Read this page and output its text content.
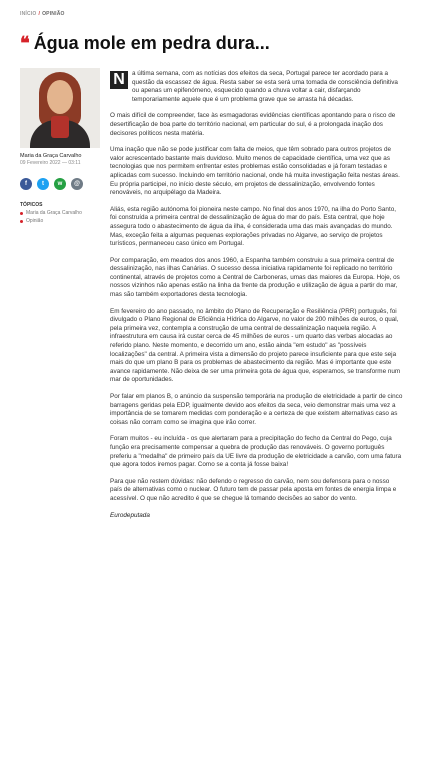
INÍCIO / OPINIÃO
❝ Água mole em pedra dura...
Maria da Graça Carvalho
09 Fevereiro 2022 — 03:11
f	t	w	@
TÓPICOS
Maria da Graça Carvalho
Opinião
N	a última semana, com as notícias dos efeitos da seca, Portugal parece ter acordado para a questão da escassez de água. Resta saber se esta será uma tomada de consciência definitiva ou apenas um epifenómeno, esquecido quando a chuva voltar a cair, disfarçando temporariamente aquele que é um problema grave que se arrasta há décadas.

O mais difícil de compreender, face às esmagadoras evidências científicas apontando para o risco de desertificação de boa parte do território nacional, em particular do sul, é a prolongada inação dos decisores políticos nesta matéria.

Uma inação que não se pode justificar com falta de meios, que têm sobrado para outros projetos de valor acrescentado bastante mais duvidoso. Muito menos de capacidade científica, uma vez que as tecnologias que nos permitem enfrentar estes problemas estão consolidadas e já foram testadas e aplicadas com sucesso. Incluindo em território nacional, onde há muita investigação feita nestas áreas. Eu própria participei, no início deste século, em projetos de dessalinização, envolvendo fontes renováveis, no arquipélago da Madeira.

Aliás, esta região autónoma foi pioneira neste campo. No final dos anos 1970, na ilha do Porto Santo, foi construída a primeira central de dessalinização de água do mar do país. Esta central, que hoje assegura todo o abastecimento de água da ilha, é considerada uma das mais avançadas do mundo. Mas, exceção feita a algumas pequenas explorações privadas no Algarve, ao serviço de projetos turísticos, permaneceu caso único em Portugal.

Por comparação, em meados dos anos 1960, a Espanha também construiu a sua primeira central de dessalinização, nas ilhas Canárias. O sucesso dessa iniciativa rapidamente foi replicado no território continental, através de projetos como a Central de Carboneras, umas das maiores da Europa. Hoje, os nossos vizinhos não apenas estão na linha da frente da produção e utilização de água a partir do mar, mas são também exportadores desta tecnologia.

Em fevereiro do ano passado, no âmbito do Plano de Recuperação e Resiliência (PRR) português, foi divulgado o Plano Regional de Eficiência Hídrica do Algarve, no valor de 200 milhões de euros, o qual, pela primeira vez, contempla a construção de uma central de dessalinização naquela região. A infraestrutura em causa irá custar cerca de 45 milhões de euros - um quarto das verbas alocadas ao referido plano. Neste momento, e decorrido um ano, estão ainda "em estudo" as "possíveis localizações" da central. A primeira vista a dimensão do projeto parece insuficiente para que este seja mais do que um plano B para os problemas de abastecimento da região. Mas é importante que este avance rapidamente. Não deixa de ser uma primeira gota de água que, esperamos, se transforme num mar de oportunidades.

Por falar em planos B, o anúncio da suspensão temporária na produção de eletricidade a partir de cinco barragens geridas pela EDP, igualmente devido aos efeitos da seca, veio demonstrar mais uma vez a importância de se tomarem medidas com ponderação e a certeza de que existem alternativas caso as coisas não corram como se imagina que irão correr.

Foram muitos - eu incluída - os que alertaram para a precipitação do fecho da Central do Pego, cuja função era precisamente compensar a quebra de produção das renováveis. O governo português preferiu a "medalha" de primeiro país da UE livre da produção de eletricidade a carvão, com uma fatura que agora todos iremos pagar. Como se a conta já fosse baixa!

Para que não restem dúvidas: não defendo o regresso do carvão, nem sou defensora para o nosso país de alternativas como o nuclear. O futuro tem de passar pela aposta em fontes de energia limpa e acessível. O que não acredito é que se chegue lá tomando decisões ao sabor do vento.

Eurodeputada
